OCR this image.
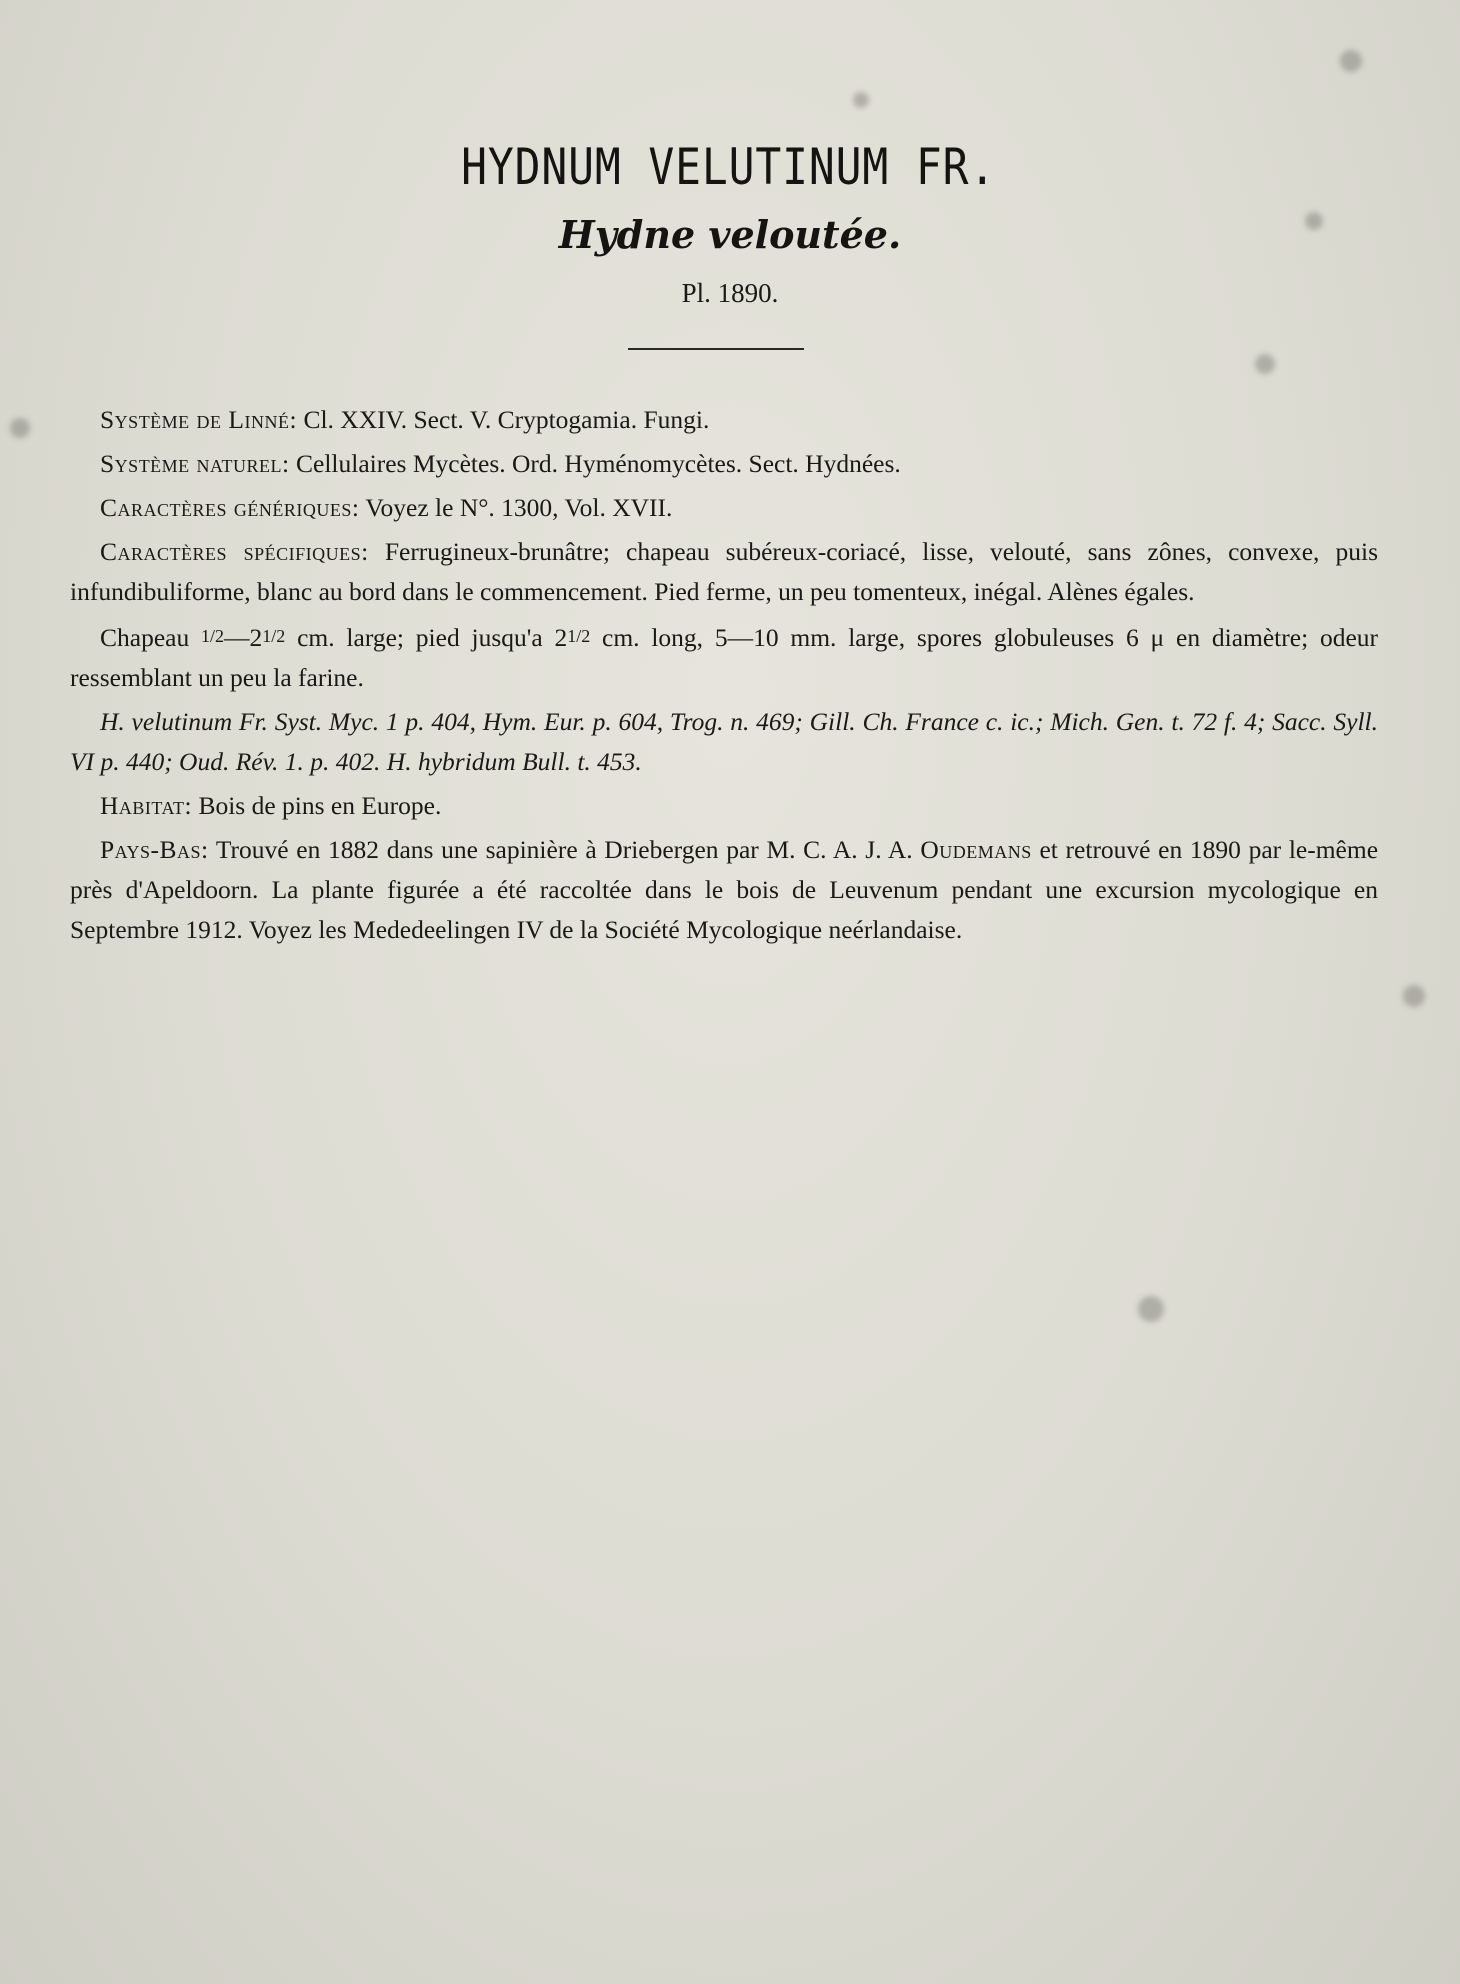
HYDNUM VELUTINUM FR.
Hydne veloutée.
Pl. 1890.

Système de Linné: Cl. XXIV. Sect. V. Cryptogamia. Fungi.

Système naturel: Cellulaires Mycètes. Ord. Hyménomycètes. Sect. Hydnées.

Caractères génériques: Voyez le N°. 1300, Vol. XVII.

Caractères spécifiques: Ferrugineux-brunâtre; chapeau subéreux-coriacé, lisse, velouté, sans zônes, convexe, puis infundibuliforme, blanc au bord dans le commencement. Pied ferme, un peu tomenteux, inégal. Alènes égales.

Chapeau 1/2—21/2 cm. large; pied jusqu'a 21/2 cm. long, 5—10 mm. large, spores globuleuses 6 μ en diamètre; odeur ressemblant un peu la farine.

H. velutinum Fr. Syst. Myc. 1 p. 404, Hym. Eur. p. 604, Trog. n. 469; Gill. Ch. France c. ic.; Mich. Gen. t. 72 f. 4; Sacc. Syll. VI p. 440; Oud. Rév. 1. p. 402. H. hybridum Bull. t. 453.

Habitat: Bois de pins en Europe.

Pays-Bas: Trouvé en 1882 dans une sapinière à Driebergen par M. C. A. J. A. Oudemans et retrouvé en 1890 par le-même près d'Apeldoorn. La plante figurée a été raccoltée dans le bois de Leuvenum pendant une excursion mycologique en Septembre 1912. Voyez les Mededeelingen IV de la Société Mycologique neérlandaise.
